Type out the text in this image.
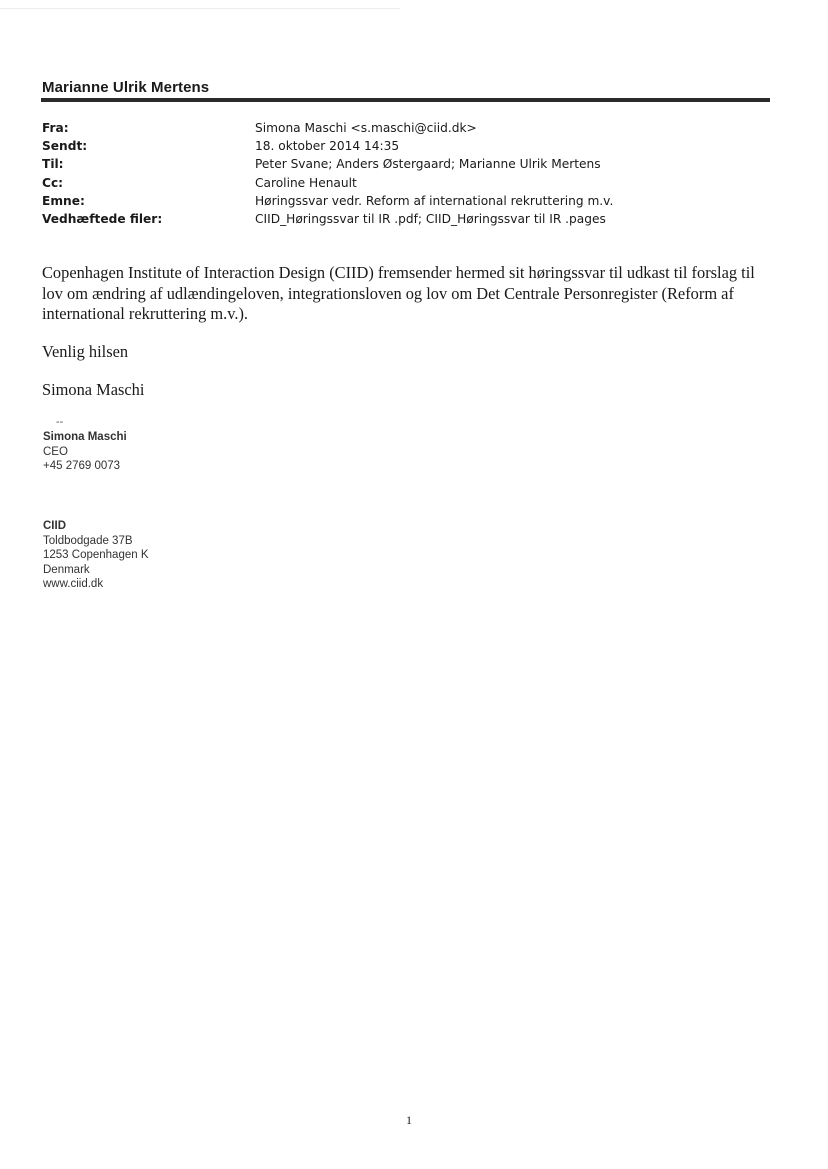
Marianne Ulrik Mertens
Fra:	Simona Maschi <s.maschi@ciid.dk>
Sendt:	18. oktober 2014 14:35
Til:	Peter Svane; Anders Østergaard; Marianne Ulrik Mertens
Cc:	Caroline Henault
Emne:	Høringssvar vedr. Reform af international rekruttering m.v.
Vedhæftede filer:	CIID_Høringssvar til IR .pdf; CIID_Høringssvar til IR .pages

Copenhagen Institute of Interaction Design (CIID) fremsender hermed sit høringssvar til udkast til forslag til

lov om ændring af udlændingeloven, integrationsloven og lov om Det Centrale Personregister (Reform af

international rekruttering m.v.).

Venlig hilsen
Simona Maschi
--
Simona Maschi
CEO
+45 2769 0073
CIID
Toldbodgade 37B
1253 Copenhagen K
Denmark
www.ciid.dk
1
